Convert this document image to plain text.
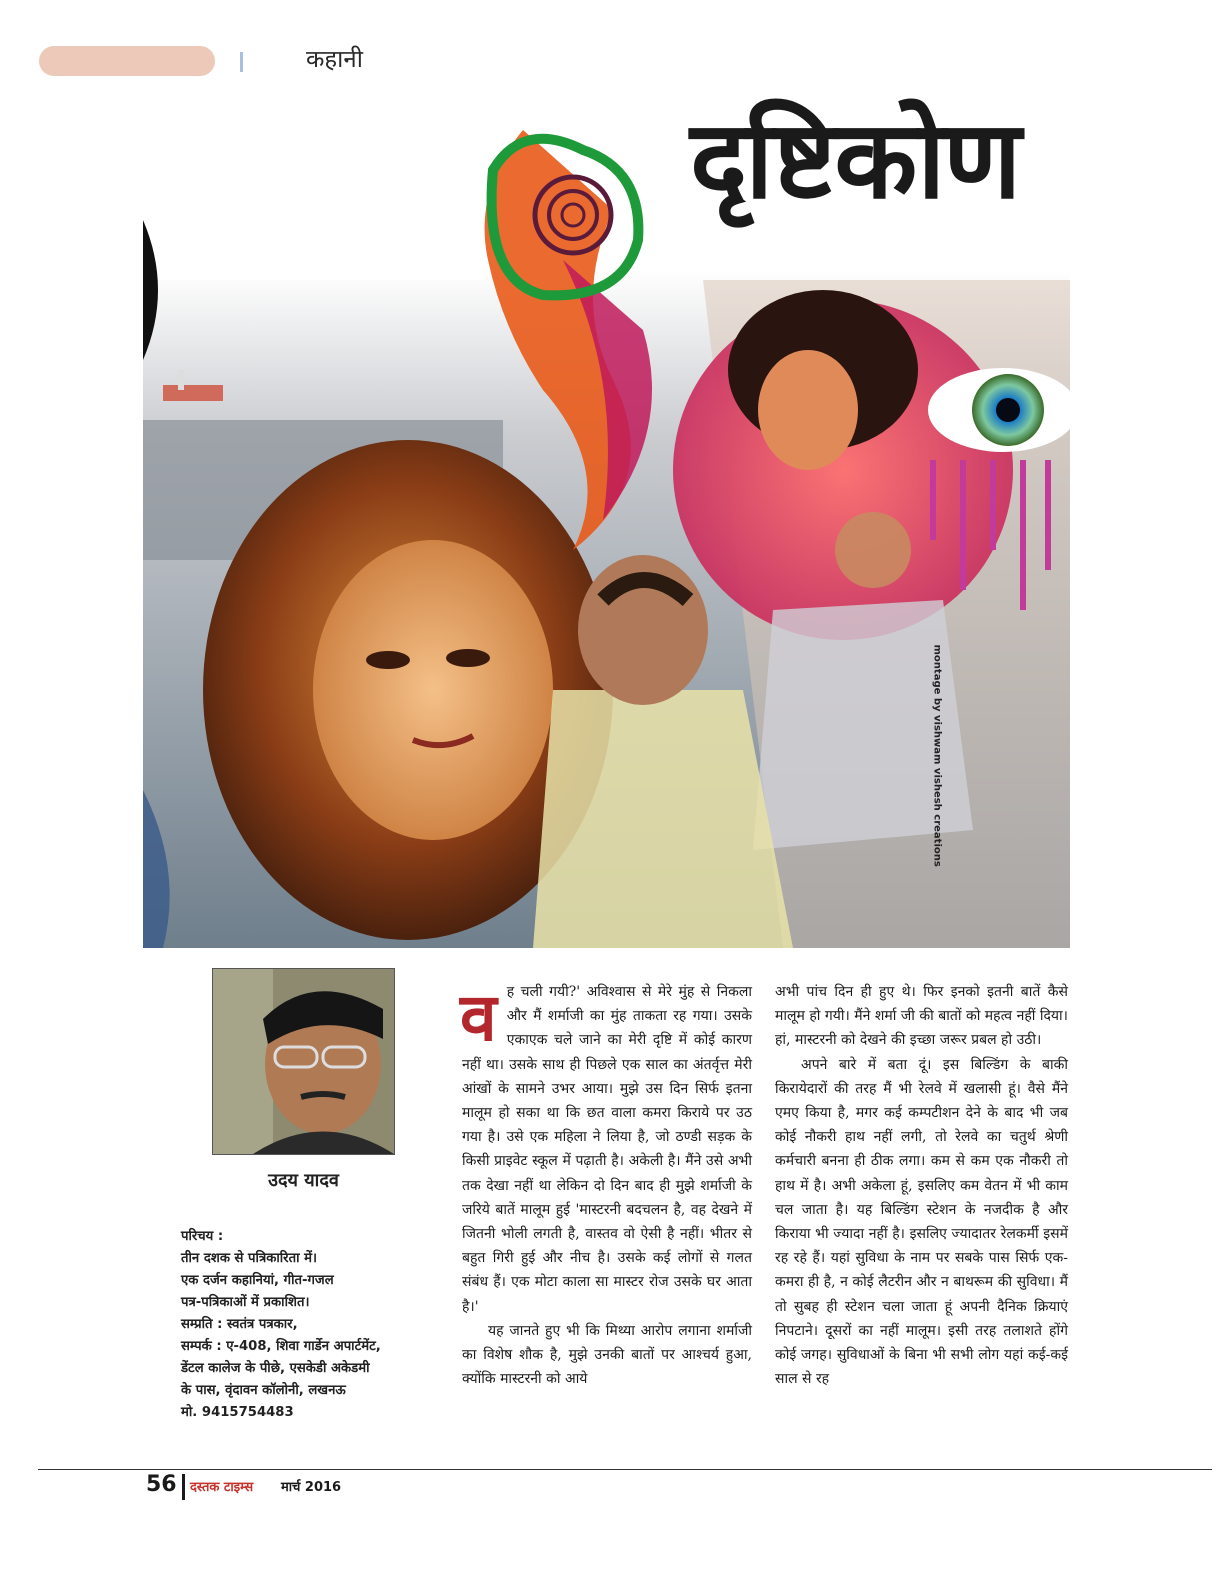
कहानी
दृष्टिकोण
montage by vishwam vishesh creations
उदय यादव
परिचय :
तीन दशक से पत्रिकारिता में।
एक दर्जन कहानियां, गीत-गजल
पत्र-पत्रिकाओं में प्रकाशित।
सम्प्रति : स्वतंत्र पत्रकार,
सम्पर्क : ए-408, शिवा गार्डेन अपार्टमेंट,
डेंटल कालेज के पीछे, एसकेडी अकेडमी
के पास, वृंदावन कॉलोनी, लखनऊ
मो. 9415754483
व ह चली गयी?' अविश्वास से मेरे मुंह से निकला और मैं शर्माजी का मुंह ताकता रह गया। उसके एकाएक चले जाने का मेरी दृष्टि में कोई कारण नहीं था। उसके साथ ही पिछले एक साल का अंतर्वृत्त मेरी आंखों के सामने उभर आया। मुझे उस दिन सिर्फ इतना मालूम हो सका था कि छत वाला कमरा किराये पर उठ गया है। उसे एक महिला ने लिया है, जो ठण्डी सड़क के किसी प्राइवेट स्कूल में पढ़ाती है। अकेली है। मैंने उसे अभी तक देखा नहीं था लेकिन दो दिन बाद ही मुझे शर्माजी के जरिये बातें मालूम हुई 'मास्टरनी बदचलन है, वह देखने में जितनी भोली लगती है, वास्तव वो ऐसी है नहीं। भीतर से बहुत गिरी हुई और नीच है। उसके कई लोगों से गलत संबंध हैं। एक मोटा काला सा मास्टर रोज उसके घर आता है।'

यह जानते हुए भी कि मिथ्या आरोप लगाना शर्माजी का विशेष शौक है, मुझे उनकी बातों पर आश्चर्य हुआ, क्योंकि मास्टरनी को आये

अभी पांच दिन ही हुए थे। फिर इनको इतनी बातें कैसे मालूम हो गयी। मैंने शर्मा जी की बातों को महत्व नहीं दिया। हां, मास्टरनी को देखने की इच्छा जरूर प्रबल हो उठी।

अपने बारे में बता दूं। इस बिल्डिंग के बाकी किरायेदारों की तरह मैं भी रेलवे में खलासी हूं। वैसे मैंने एमए किया है, मगर कई कम्पटीशन देने के बाद भी जब कोई नौकरी हाथ नहीं लगी, तो रेलवे का चतुर्थ श्रेणी कर्मचारी बनना ही ठीक लगा। कम से कम एक नौकरी तो हाथ में है। अभी अकेला हूं, इसलिए कम वेतन में भी काम चल जाता है। यह बिल्डिंग स्टेशन के नजदीक है और किराया भी ज्यादा नहीं है। इसलिए ज्यादातर रेलकर्मी इसमें रह रहे हैं। यहां सुविधा के नाम पर सबके पास सिर्फ एक-कमरा ही है, न कोई लैटरीन और न बाथरूम की सुविधा। मैं तो सुबह ही स्टेशन चला जाता हूं अपनी दैनिक क्रियाएं निपटाने। दूसरों का नहीं मालूम। इसी तरह तलाशते होंगे कोई जगह। सुविधाओं के बिना भी सभी लोग यहां कई-कई साल से रह

56 दस्तक टाइम्स मार्च 2016
